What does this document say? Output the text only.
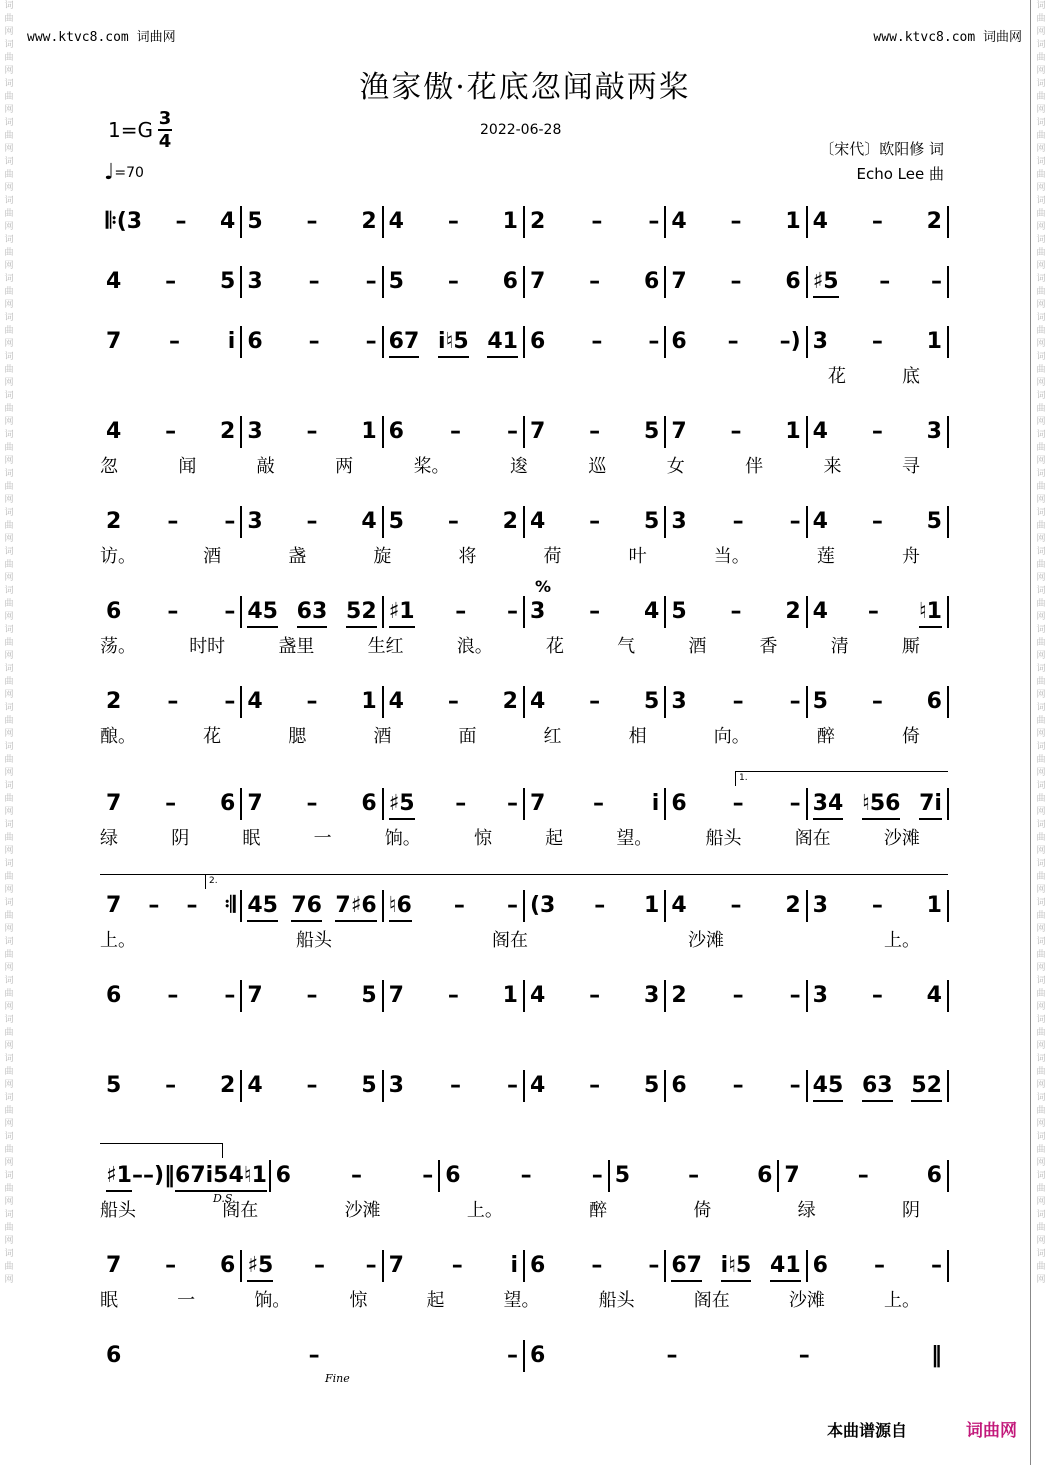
词曲网词曲网词曲网词曲网词曲网词曲网词曲网词曲网词曲网词曲网词曲网词曲网词曲网词曲网词曲网词曲网词曲网词曲网词曲网词曲网词曲网词曲网词曲网词曲网词曲网词曲网词曲网词曲网词曲网词曲网词曲网词曲网词曲网
词曲网词曲网词曲网词曲网词曲网词曲网词曲网词曲网词曲网词曲网词曲网词曲网词曲网词曲网词曲网词曲网词曲网词曲网词曲网词曲网词曲网词曲网词曲网词曲网词曲网词曲网词曲网词曲网词曲网词曲网词曲网词曲网词曲网
www.ktvc8.com 词曲网	www.ktvc8.com 词曲网
渔家傲·花底忽闻敲两桨
1=G 3
4
♩=70
2022-06-28
〔宋代〕欧阳修 词
Echo Lee 曲
𝄆(3 – 4 5 – 2 4 – 1 2 – – 4 – 1 4 – 2
4 – 5 3 – – 5 – 6 7 – 6 7 – 6 ♯5 – –
7 – i 6 – – 67 i♮5 41 6 – – 6 – –) 3 – 1
花	底
4 – 2 3 – 1 6 – – 7 – 5 7 – 1 4 – 3
忽	闻	敲	两	桨。	逡	巡	女	伴	来	寻
2 – – 3 – 4 5 – 2 4 – 5 3 – – 4 – 5
访。	酒	盏	旋	将	荷	叶	当。	莲	舟
6 – – 45 63 52 ♯1 – – 3 – 4 5 – 2 4 – ♮1
荡。	时时	盏里	生红	浪。	花	气	酒	香	清	厮
2 – – 4 – 1 4 – 2 4 – 5 3 – – 5 – 6
酿。	花	腮	酒	面	红	相	向。	醉	倚
7 – 6 7 – 6 ♯5 – – 7 – i 6 – – 34 ♮56 7i
绿	阴	眠	一	饷。	惊	起	望。	船头	阁在	沙滩
7 – – 𝄇 45 76 7♯6 ♮6 – – (3 – 1 4 – 2 3 – 1
上。	船头	阁在	沙滩	上。
6 – – 7 – 5 7 – 1 4 – 3 2 – – 3 – 4
5 – 2 4 – 5 3 – – 4 – 5 6 – – 45 63 52
♯1 – –) ‖ 67 i5 4♮1 6	–	– 6	–	– 5	–	6 7	–	6
船头	阁在	沙滩	上。	醉	倚	绿	阴
7 – 6 ♯5 – – 7 – i 6 – – 67 i♮5 41 6 – –
眠	一	饷。	惊	起	望。	船头	阁在	沙滩	上。
6	–	– 6	–	–	‖
%
D.S.
Fine
1.
2.
本曲谱源自	词曲网
